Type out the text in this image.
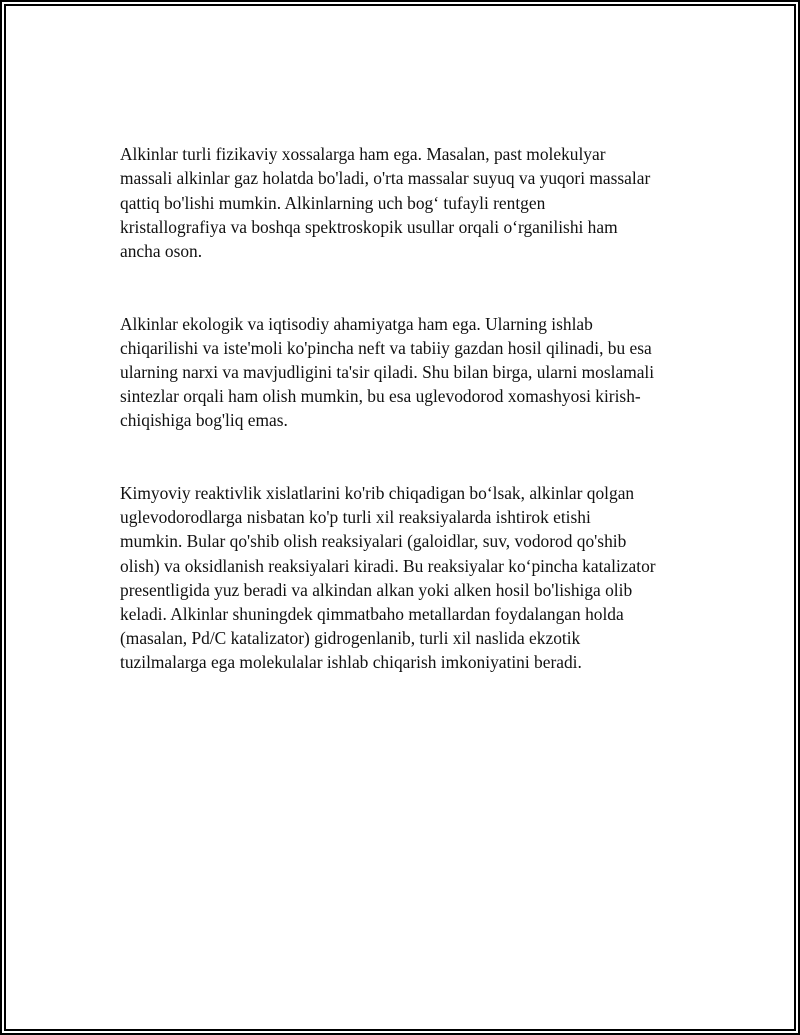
Alkinlar turli fizikaviy xossalarga ham ega. Masalan, past molekulyar
massali alkinlar gaz holatda bo'ladi, o'rta massalar suyuq va yuqori massalar
qattiq bo'lishi mumkin. Alkinlarning uch bog‘ tufayli rentgen
kristallografiya va boshqa spektroskopik usullar orqali o‘rganilishi ham
ancha oson.

Alkinlar ekologik va iqtisodiy ahamiyatga ham ega. Ularning ishlab
chiqarilishi va iste'moli ko'pincha neft va tabiiy gazdan hosil qilinadi, bu esa
ularning narxi va mavjudligini ta'sir qiladi. Shu bilan birga, ularni moslamali
sintezlar orqali ham olish mumkin, bu esa uglevodorod xomashyosi kirish-
chiqishiga bog'liq emas.

Kimyoviy reaktivlik xislatlarini ko'rib chiqadigan bo‘lsak, alkinlar qolgan
uglevodorodlarga nisbatan ko'p turli xil reaksiyalarda ishtirok etishi
mumkin. Bular qo'shib olish reaksiyalari (galoidlar, suv, vodorod qo'shib
olish) va oksidlanish reaksiyalari kiradi. Bu reaksiyalar ko‘pincha katalizator
presentligida yuz beradi va alkindan alkan yoki alken hosil bo'lishiga olib
keladi. Alkinlar shuningdek qimmatbaho metallardan foydalangan holda
(masalan, Pd/C katalizator) gidrogenlanib, turli xil naslida ekzotik
tuzilmalarga ega molekulalar ishlab chiqarish imkoniyatini beradi.
